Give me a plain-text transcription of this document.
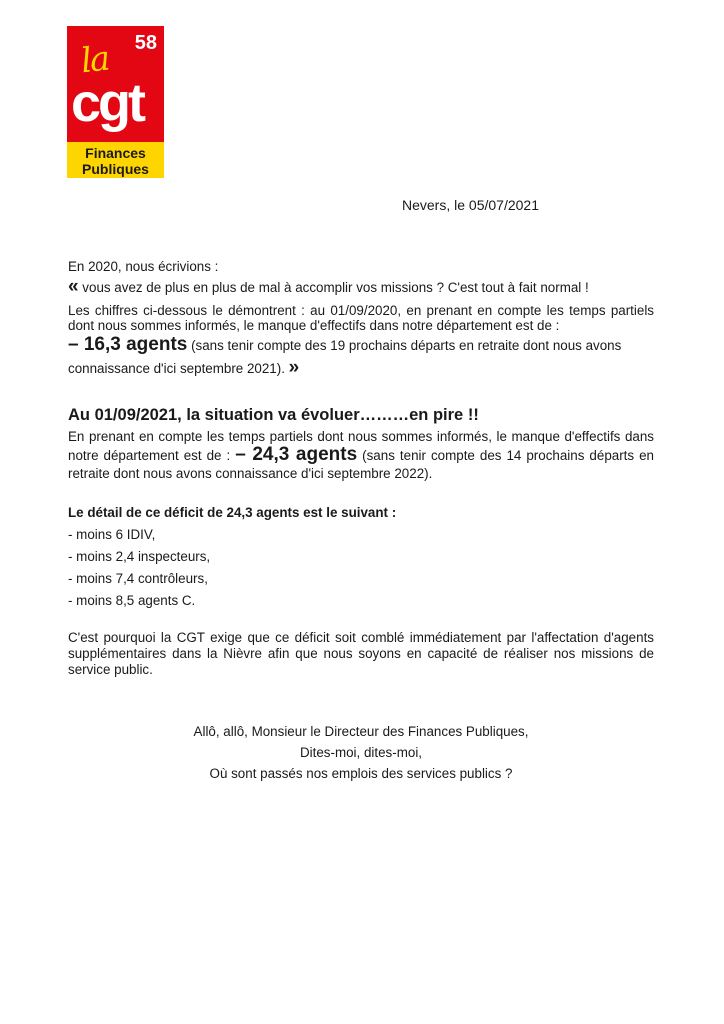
58
la
cgt
Finances
Publiques
Nevers, le 05/07/2021
En 2020, nous écrivions :
« vous avez de plus en plus de mal à accomplir vos missions ? C'est tout à fait normal !
Les chiffres ci-dessous le démontrent : au 01/09/2020, en prenant en compte les temps partiels dont nous sommes informés, le manque d'effectifs dans notre département est de :
– 16,3 agents (sans tenir compte des 19 prochains départs en retraite dont nous avons
connaissance d'ici septembre 2021). »
Au 01/09/2021, la situation va évoluer………en pire !!
En prenant en compte les temps partiels dont nous sommes informés, le manque d'effectifs dans notre département est de : – 24,3 agents (sans tenir compte des 14 prochains départs en retraite dont nous avons connaissance d'ici septembre 2022).
Le détail de ce déficit de 24,3 agents est le suivant :
- moins 6 IDIV,
- moins 2,4 inspecteurs,
- moins 7,4 contrôleurs,
- moins 8,5 agents C.
C'est pourquoi la CGT exige que ce déficit soit comblé immédiatement par l'affectation d'agents supplémentaires dans la Nièvre afin que nous soyons en capacité de réaliser nos missions de service public.
Allô, allô, Monsieur le Directeur des Finances Publiques,
Dites-moi, dites-moi,
Où sont passés nos emplois des services publics ?
